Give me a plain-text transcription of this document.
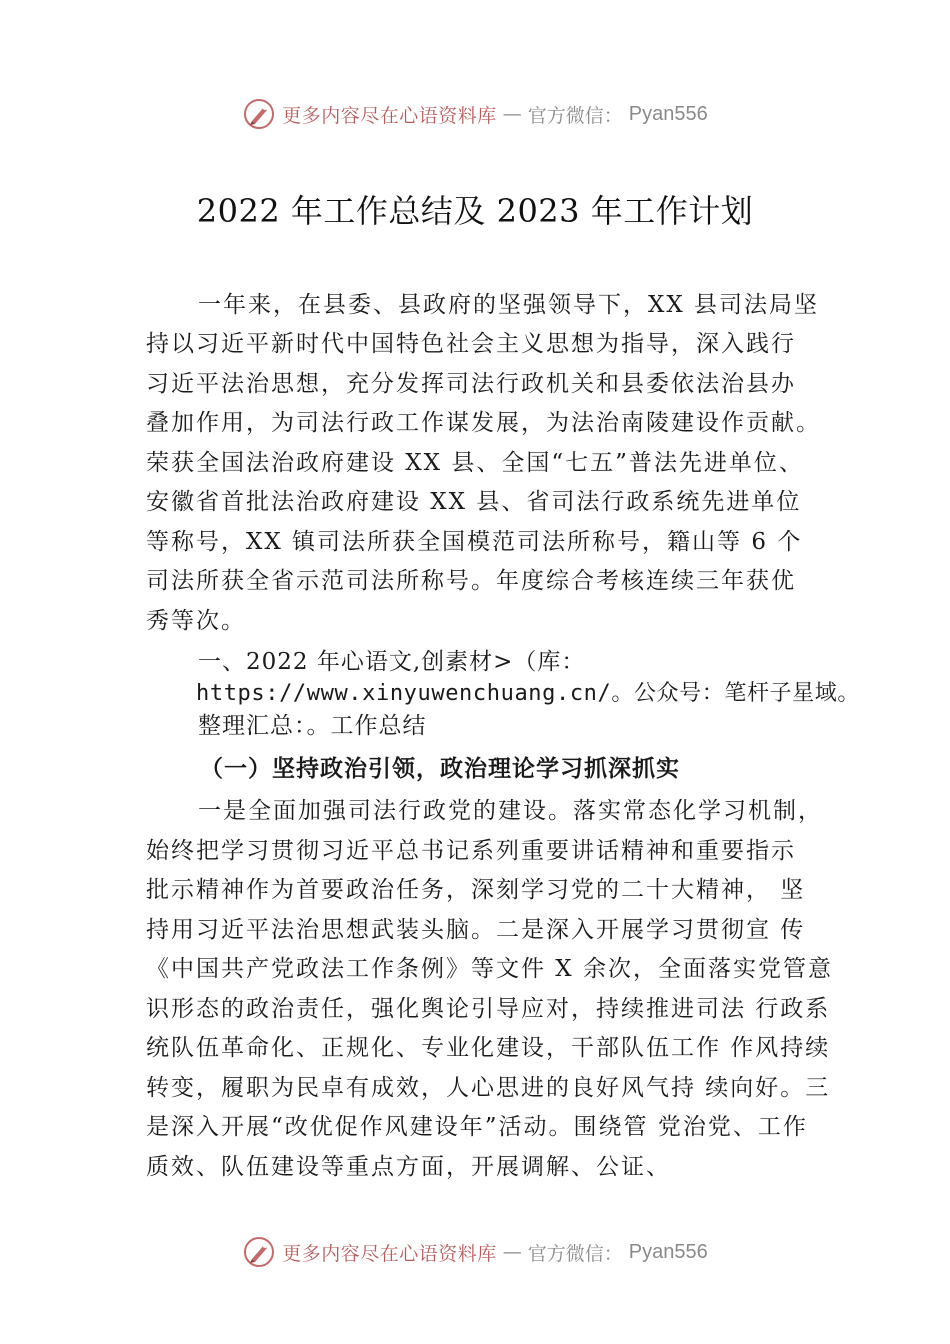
更多内容尽在心语资料库 — 官方微信： Pyan556
2022 年工作总结及 2023 年工作计划
一年来，在县委、县政府的坚强领导下，XX 县司法局坚
持以习近平新时代中国特色社会主义思想为指导，深入践行
习近平法治思想，充分发挥司法行政机关和县委依法治县办
叠加作用，为司法行政工作谋发展，为法治南陵建设作贡献。
荣获全国法治政府建设 XX 县、全国“七五”普法先进单位、
安徽省首批法治政府建设 XX 县、省司法行政系统先进单位
等称号，XX 镇司法所获全国模范司法所称号，籍山等 6 个
司法所获全省示范司法所称号。年度综合考核连续三年获优
秀等次。
一、2022 年心语文,创素材>（库：
https://www.xinyuwenchuang.cn/。公众号：笔杆子星域。
整理汇总：。工作总结
（一）坚持政治引领，政治理论学习抓深抓实
一是全面加强司法行政党的建设。落实常态化学习机制，
始终把学习贯彻习近平总书记系列重要讲话精神和重要指示
批示精神作为首要政治任务，深刻学习党的二十大精神， 坚
持用习近平法治思想武装头脑。二是深入开展学习贯彻宣 传
《中国共产党政法工作条例》等文件 X 余次，全面落实党管意
识形态的政治责任，强化舆论引导应对，持续推进司法 行政系
统队伍革命化、正规化、专业化建设，干部队伍工作 作风持续
转变，履职为民卓有成效，人心思进的良好风气持 续向好。三
是深入开展“改优促作风建设年”活动。围绕管 党治党、工作
质效、队伍建设等重点方面，开展调解、公证、
更多内容尽在心语资料库 — 官方微信： Pyan556
